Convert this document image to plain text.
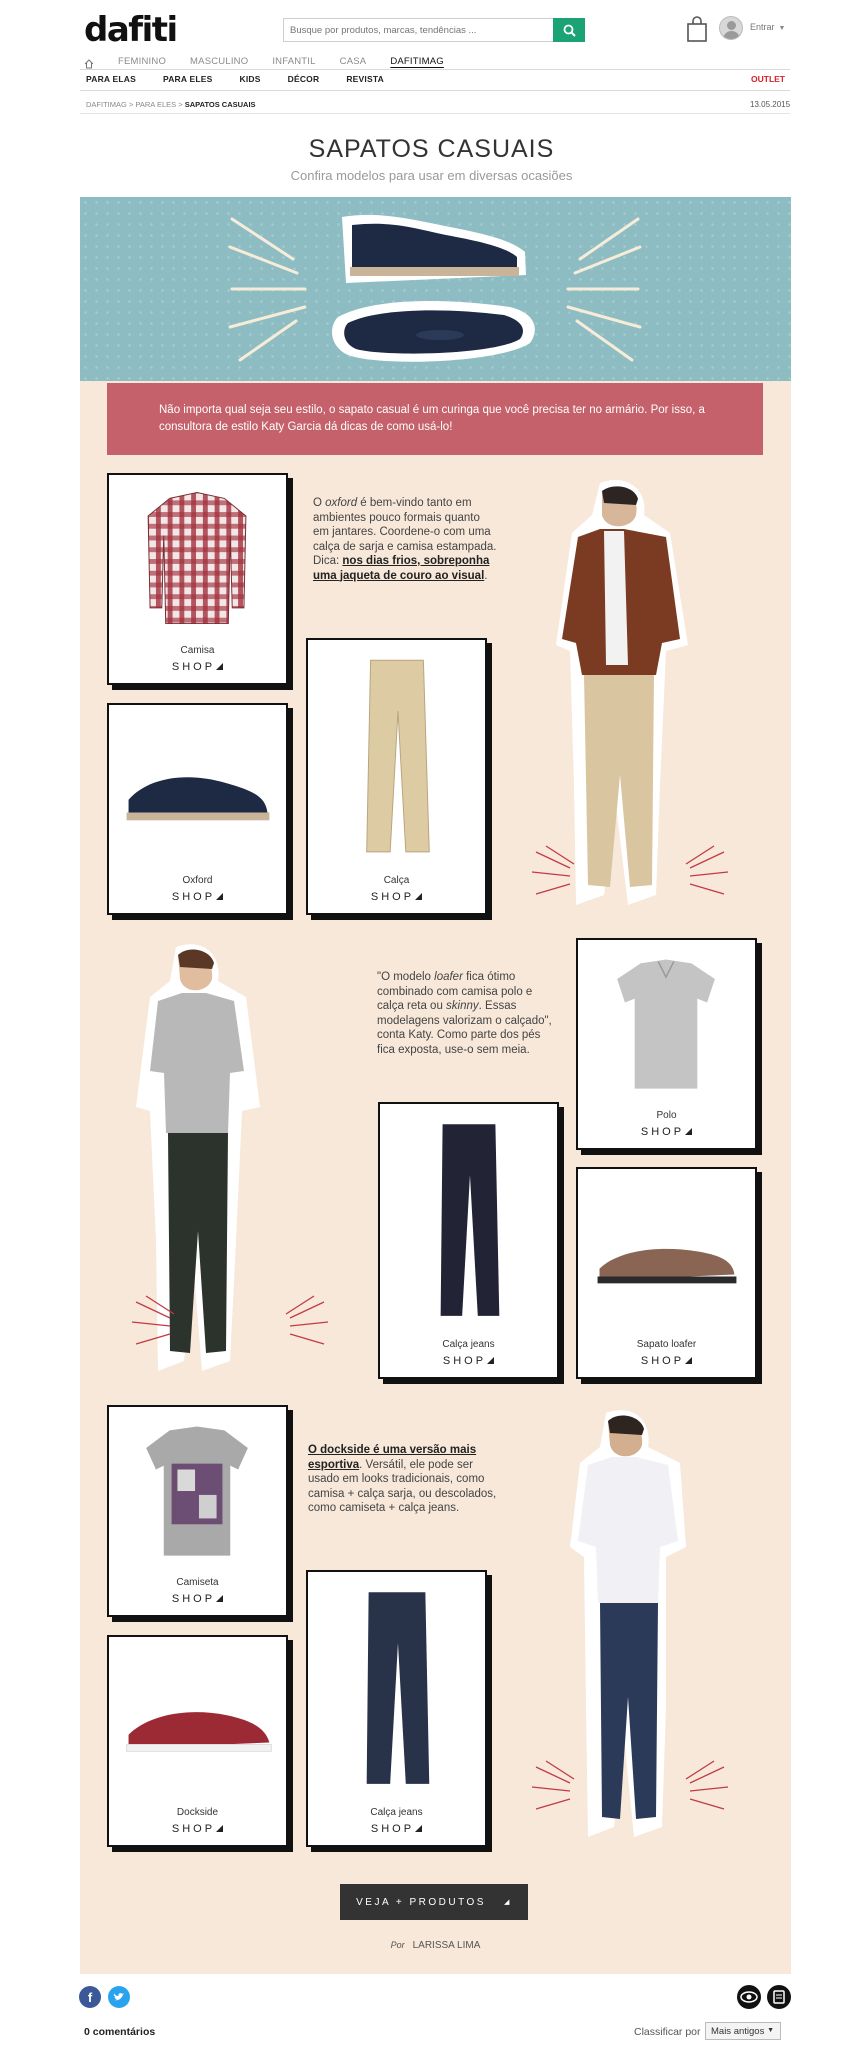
dafiti
Busque por produtos, marcas, tendências ...	Entrar ▼
FEMININO	MASCULINO	INFANTIL	CASA	DAFITIMAG
PARA ELAS	PARA ELES	KIDS	DÉCOR	REVISTA	OUTLET
DAFITIMAG > PARA ELES > SAPATOS CASUAIS	13.05.2015
SAPATOS CASUAIS
Confira modelos para usar em diversas ocasiões
Não importa qual seja seu estilo, o sapato casual é um curinga que você precisa ter no armário. Por isso, a consultora de estilo Katy Garcia dá dicas de como usá-lo!
Camisa
SHOP
O oxford é bem-vindo tanto em ambientes pouco formais quanto em jantares. Coordene-o com uma calça de sarja e camisa estampada. Dica: nos dias frios, sobreponha uma jaqueta de couro ao visual.
Oxford
SHOP
Calça
SHOP
"O modelo loafer fica ótimo combinado com camisa polo e calça reta ou skinny. Essas modelagens valorizam o calçado", conta Katy. Como parte dos pés fica exposta, use-o sem meia.
Polo
SHOP
Calça jeans
SHOP
Sapato loafer
SHOP
Camiseta
SHOP
O dockside é uma versão mais esportiva. Versátil, ele pode ser usado em looks tradicionais, como camisa + calça sarja, ou descolados, como camiseta + calça jeans.
Dockside
SHOP
Calça jeans
SHOP
VEJA + PRODUTOS	◢
Por LARISSA LIMA
f
0 comentários	Classificar por	Mais antigos ▼
